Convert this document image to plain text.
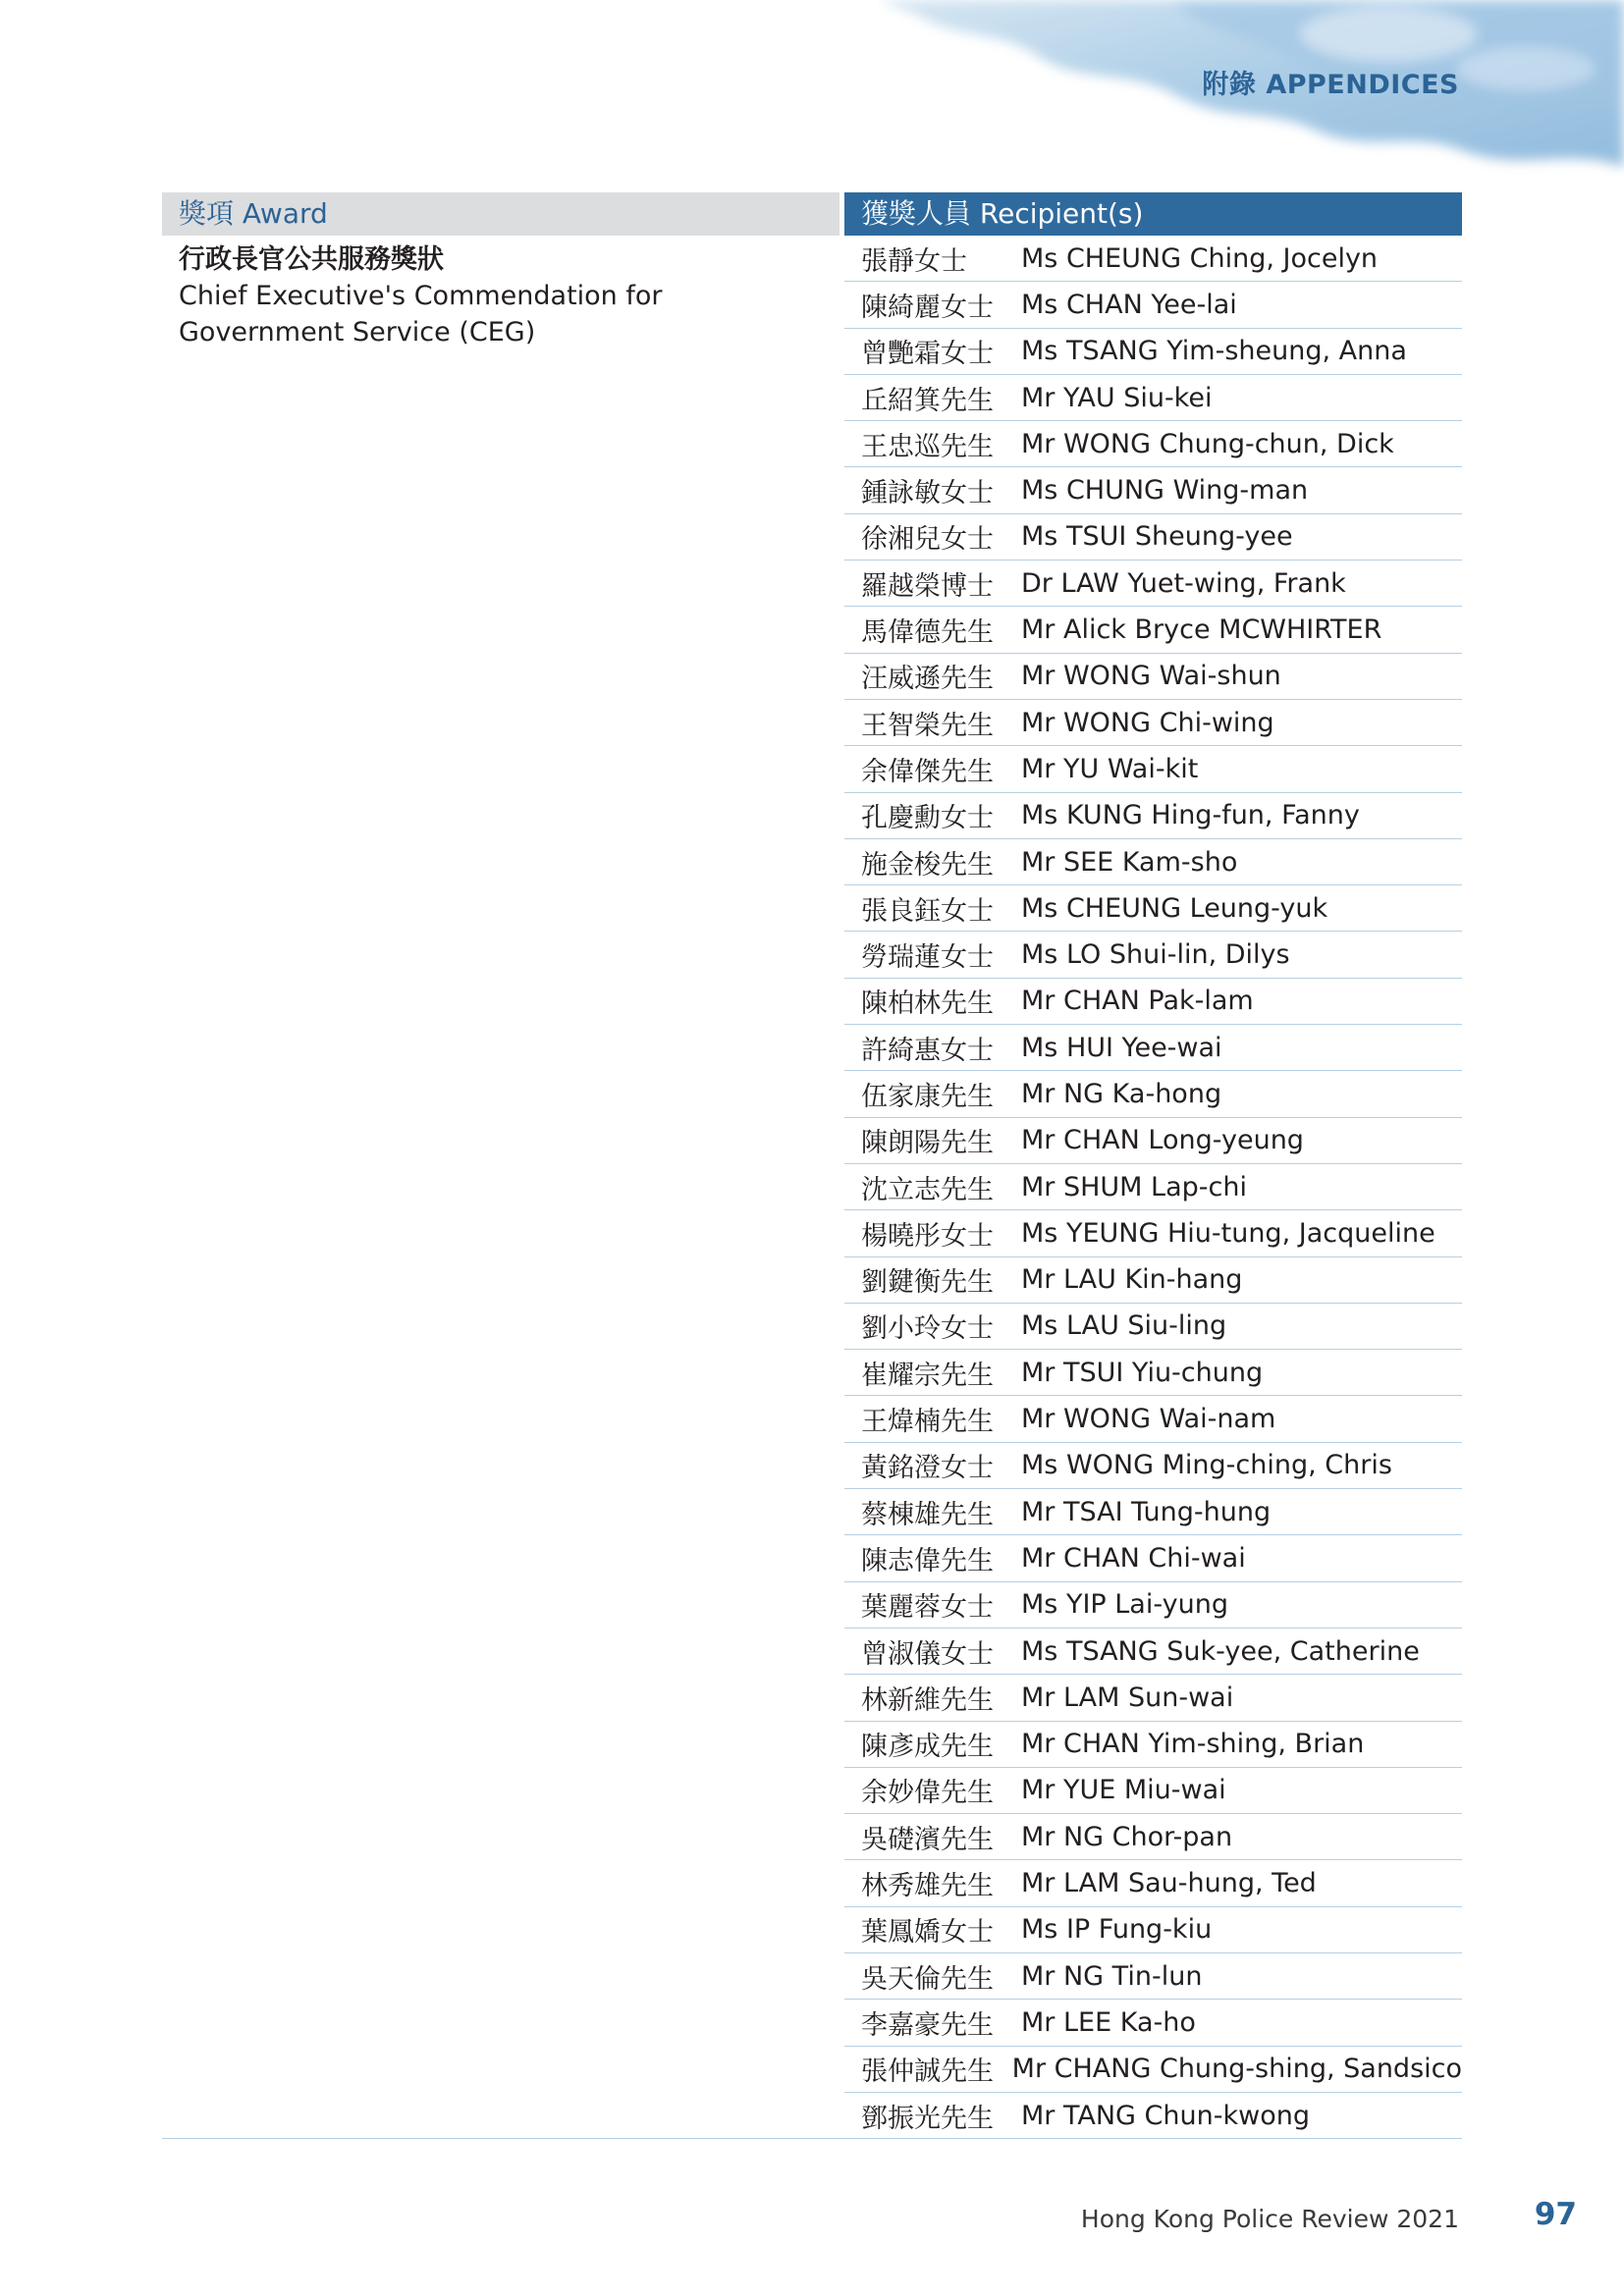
附錄 APPENDICES
獎項 Award	獲獎人員 Recipient(s)
行政長官公共服務獎狀
Chief Executive's Commendation for
Government Service (CEG)
張靜女士	Ms CHEUNG Ching, Jocelyn
陳綺麗女士	Ms CHAN Yee-lai
曾艷霜女士	Ms TSANG Yim-sheung, Anna
丘紹箕先生	Mr YAU Siu-kei
王忠巡先生	Mr WONG Chung-chun, Dick
鍾詠敏女士	Ms CHUNG Wing-man
徐湘兒女士	Ms TSUI Sheung-yee
羅越榮博士	Dr LAW Yuet-wing, Frank
馬偉德先生	Mr Alick Bryce MCWHIRTER
汪威遜先生	Mr WONG Wai-shun
王智榮先生	Mr WONG Chi-wing
余偉傑先生	Mr YU Wai-kit
孔慶勳女士	Ms KUNG Hing-fun, Fanny
施金梭先生	Mr SEE Kam-sho
張良鈺女士	Ms CHEUNG Leung-yuk
勞瑞蓮女士	Ms LO Shui-lin, Dilys
陳柏林先生	Mr CHAN Pak-lam
許綺惠女士	Ms HUI Yee-wai
伍家康先生	Mr NG Ka-hong
陳朗陽先生	Mr CHAN Long-yeung
沈立志先生	Mr SHUM Lap-chi
楊曉彤女士	Ms YEUNG Hiu-tung, Jacqueline
劉鍵衡先生	Mr LAU Kin-hang
劉小玲女士	Ms LAU Siu-ling
崔耀宗先生	Mr TSUI Yiu-chung
王煒楠先生	Mr WONG Wai-nam
黃銘澄女士	Ms WONG Ming-ching, Chris
蔡棟雄先生	Mr TSAI Tung-hung
陳志偉先生	Mr CHAN Chi-wai
葉麗蓉女士	Ms YIP Lai-yung
曾淑儀女士	Ms TSANG Suk-yee, Catherine
林新維先生	Mr LAM Sun-wai
陳彥成先生	Mr CHAN Yim-shing, Brian
余妙偉先生	Mr YUE Miu-wai
吳礎濱先生	Mr NG Chor-pan
林秀雄先生	Mr LAM Sau-hung, Ted
葉鳳嬌女士	Ms IP Fung-kiu
吳天倫先生	Mr NG Tin-lun
李嘉豪先生	Mr LEE Ka-ho
張仲誠先生 Mr CHANG Chung-shing, Sandsico
鄧振光先生	Mr TANG Chun-kwong
Hong Kong Police Review 2021 97
